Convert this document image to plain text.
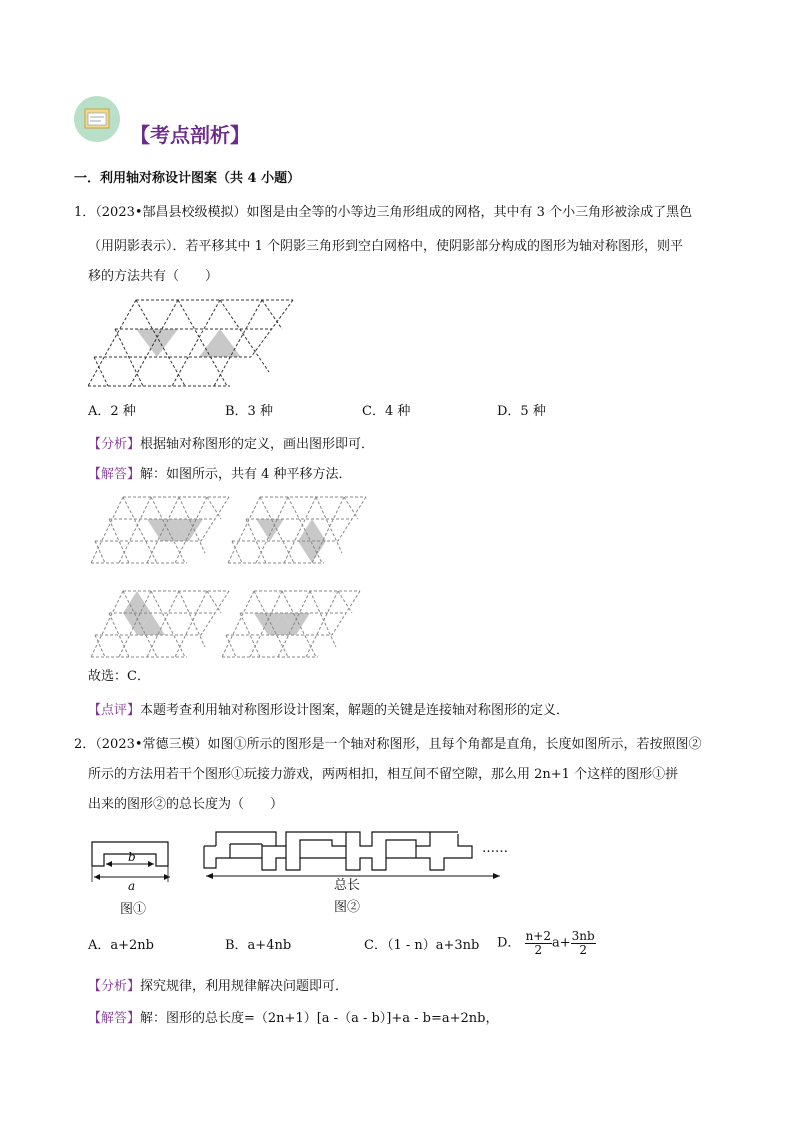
【考点剖析】
一．利用轴对称设计图案（共 4 小题）
1．（2023•郜昌县校级模拟）如图是由全等的小等边三角形组成的网格，其中有 3 个小三角形被涂成了黑色
（用阴影表示）．若平移其中 1 个阴影三角形到空白网格中，使阴影部分构成的图形为轴对称图形，则平
移的方法共有（　　）
A．2 种	B．3 种	C．4 种	D．5 种
【分析】根据轴对称图形的定义，画出图形即可．
【解答】解：如图所示，共有 4 种平移方法．
故选：C．
【点评】本题考查利用轴对称图形设计图案，解题的关键是连接轴对称图形的定义．
2．（2023•常德三模）如图①所示的图形是一个轴对称图形，且每个角都是直角，长度如图所示，若按照图②
所示的方法用若干个图形①玩接力游戏，两两相扣，相互间不留空隙，那么用 2n+1 个这样的图形①拼
出来的图形②的总长度为（　　）
b
a
图①
……
总长
图②
A．a+2nb	B．a+4nb	C．（1 - n）a+3nb D． $\frac{n+2}{2} a+ \frac{3nb}{2}$
【分析】探究规律，利用规律解决问题即可．
【解答】解：图形的总长度=（2n+1）[a -（a - b）]+a - b=a+2nb，
